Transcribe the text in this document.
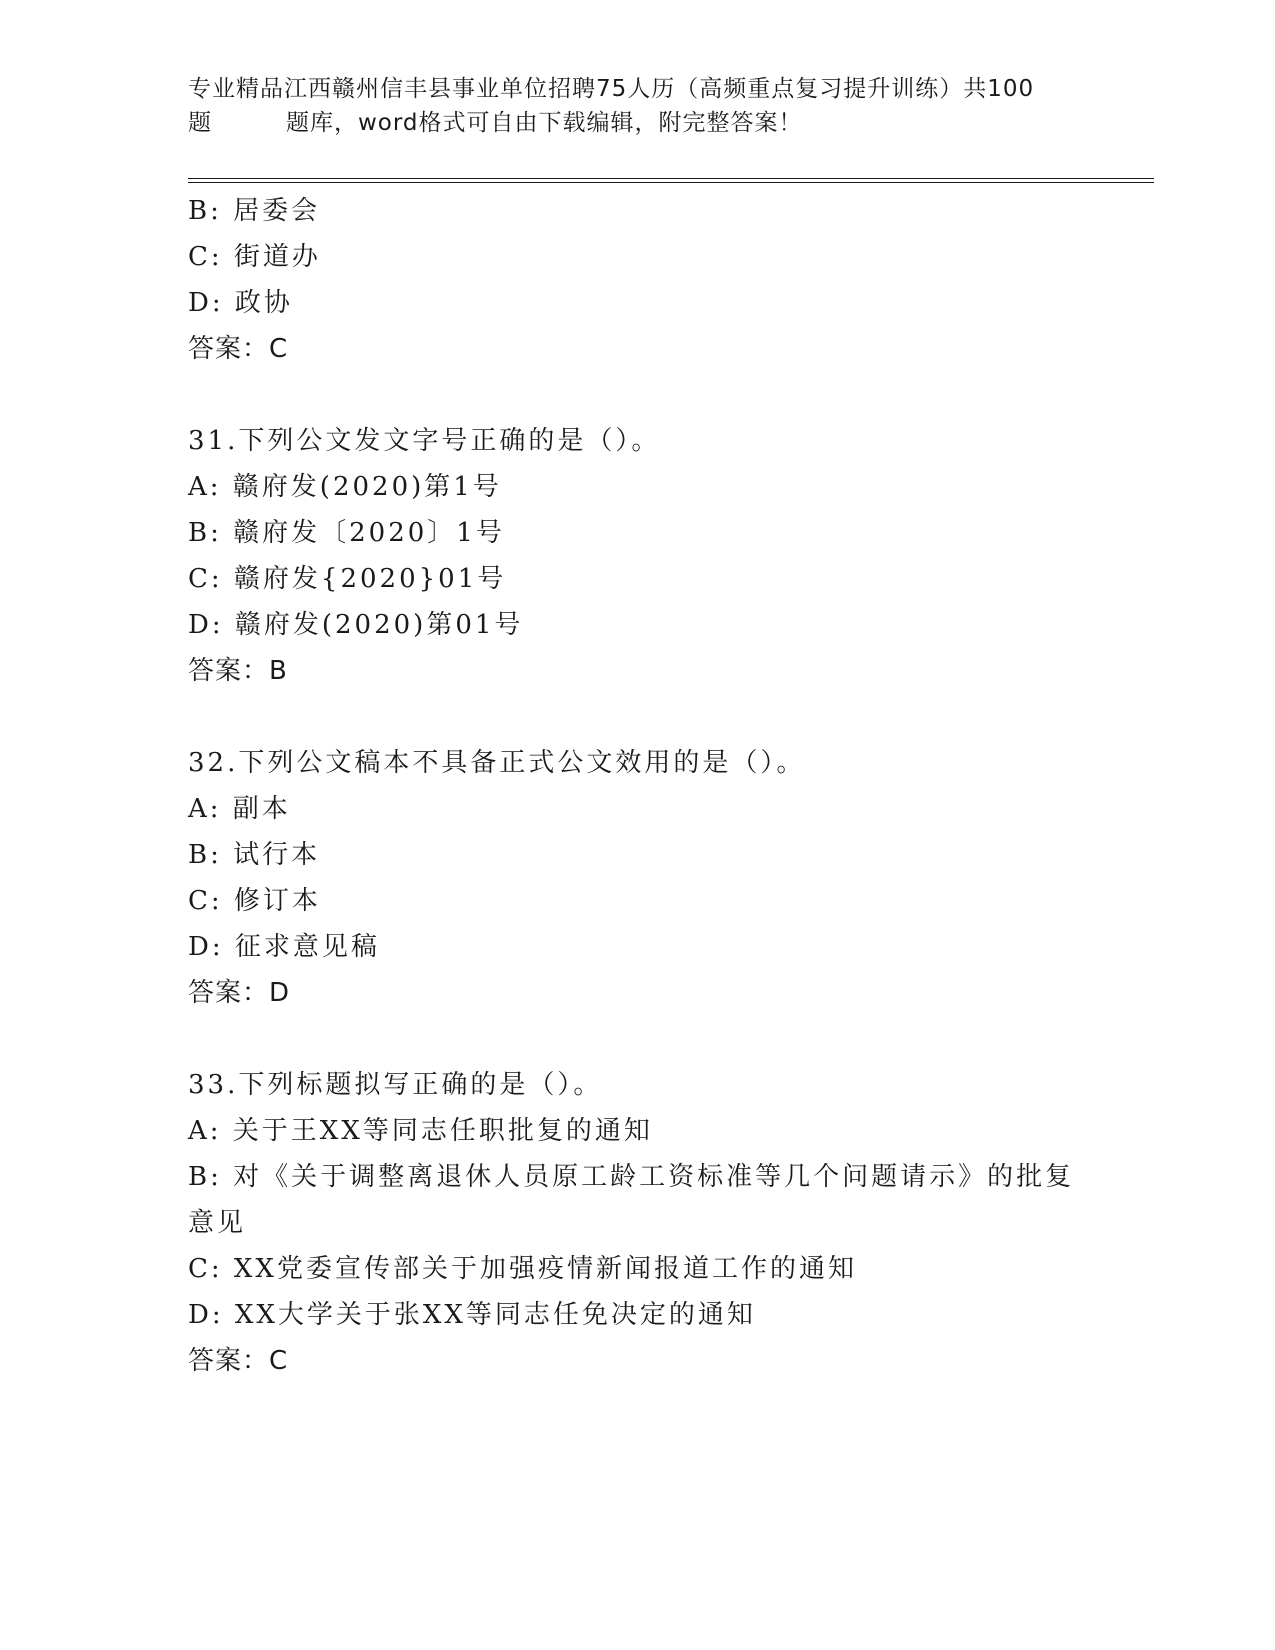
专业精品江西赣州信丰县事业单位招聘75人历（高频重点复习提升训练）共100
题	题库，word格式可自由下载编辑，附完整答案！
B: 居委会
C: 街道办
D: 政协
答案：C
31.下列公文发文字号正确的是（）。
A: 赣府发(2020)第1号
B: 赣府发〔2020〕1号
C: 赣府发{2020}01号
D: 赣府发(2020)第01号
答案：B
32.下列公文稿本不具备正式公文效用的是（）。
A: 副本
B: 试行本
C: 修订本
D: 征求意见稿
答案：D
33.下列标题拟写正确的是（）。
A: 关于王XX等同志任职批复的通知
B: 对《关于调整离退休人员原工龄工资标准等几个问题请示》的批复
意见
C: XX党委宣传部关于加强疫情新闻报道工作的通知
D: XX大学关于张XX等同志任免决定的通知
答案：C
